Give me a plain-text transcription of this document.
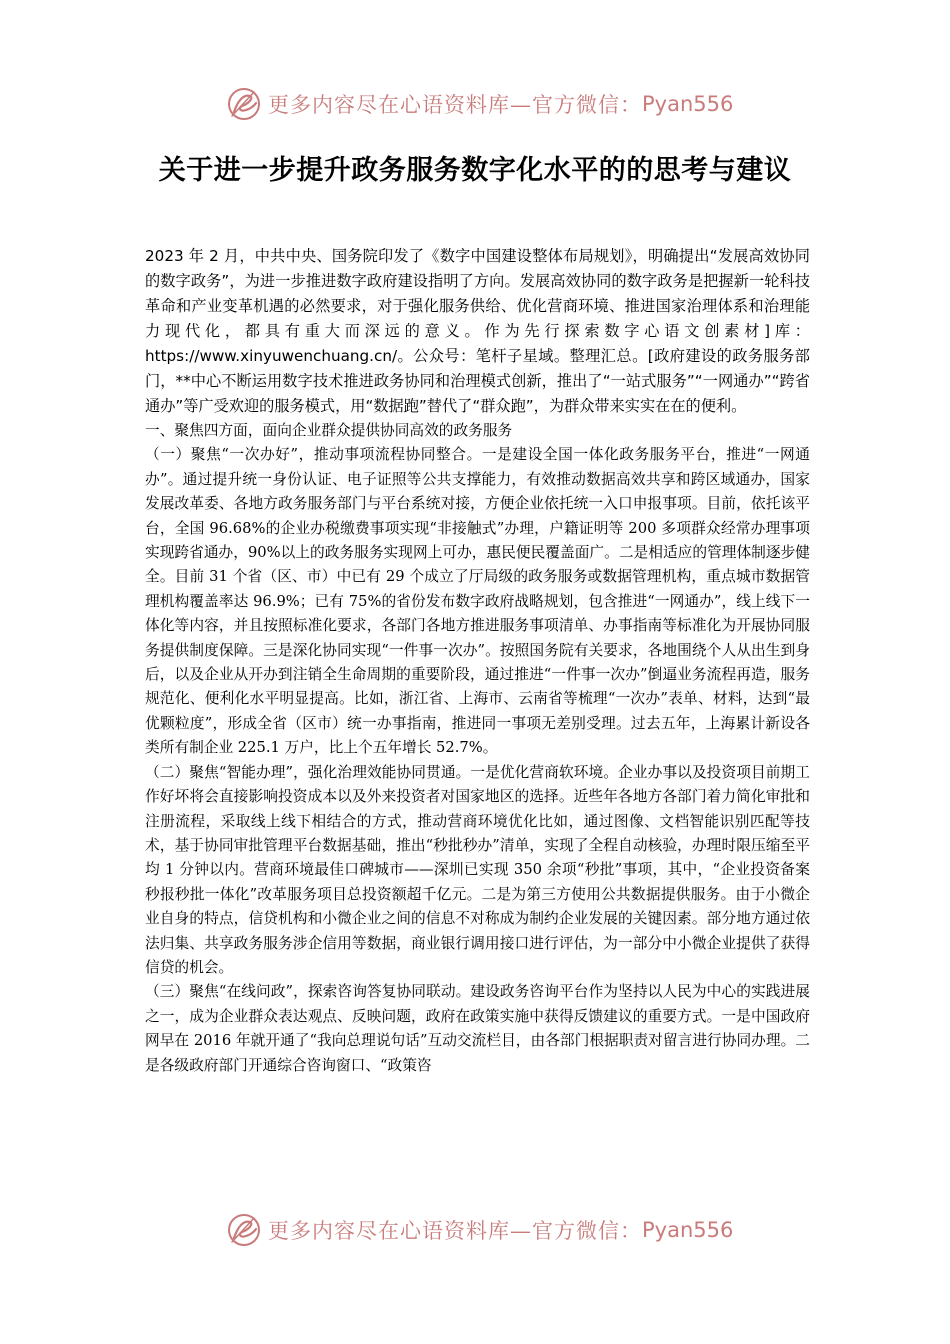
更多内容尽在心语资料库—官方微信： Pyan556
关于进一步提升政务服务数字化水平的的思考与建议

2023 年 2 月，中共中央、国务院印发了《数字中国建设整体布局规划》，明确提出“发展高效协同的数字政务”，为进一步推进数字政府建设指明了方向。发展高效协同的数字政务是把握新一轮科技革命和产业变革机遇的必然要求，对于强化服务供给、优化营商环境、推进国家治理体系和治理能力现代化，都具有重大而深远的意义。作为先行探索数字心语文创素材]库：https://www.xinyuwenchuang.cn/。公众号：笔杆子星域。整理汇总。[政府建设的政务服务部门，**中心不断运用数字技术推进政务协同和治理模式创新，推出了“一站式服务”“一网通办”“跨省通办”等广受欢迎的服务模式，用“数据跑”替代了“群众跑”，为群众带来实实在在的便利。

一、聚焦四方面，面向企业群众提供协同高效的政务服务

（一）聚焦“一次办好”，推动事项流程协同整合。一是建设全国一体化政务服务平台，推进“一网通办”。通过提升统一身份认证、电子证照等公共支撑能力，有效推动数据高效共享和跨区域通办，国家发展改革委、各地方政务服务部门与平台系统对接，方便企业依托统一入口申报事项。目前，依托该平台，全国 96.68%的企业办税缴费事项实现“非接触式”办理，户籍证明等 200 多项群众经常办理事项实现跨省通办，90%以上的政务服务实现网上可办，惠民便民覆盖面广。二是相适应的管理体制逐步健全。目前 31 个省（区、市）中已有 29 个成立了厅局级的政务服务或数据管理机构，重点城市数据管理机构覆盖率达 96.9%；已有 75%的省份发布数字政府战略规划，包含推进“一网通办”，线上线下一体化等内容，并且按照标准化要求，各部门各地方推进服务事项清单、办事指南等标准化为开展协同服务提供制度保障。三是深化协同实现“一件事一次办”。按照国务院有关要求，各地围绕个人从出生到身后，以及企业从开办到注销全生命周期的重要阶段，通过推进“一件事一次办”倒逼业务流程再造，服务规范化、便利化水平明显提高。比如，浙江省、上海市、云南省等梳理“一次办”表单、材料，达到“最优颗粒度”，形成全省（区市）统一办事指南，推进同一事项无差别受理。过去五年，上海累计新设各类所有制企业 225.1 万户，比上个五年增长 52.7%。

（二）聚焦“智能办理”，强化治理效能协同贯通。一是优化营商软环境。企业办事以及投资项目前期工作好坏将会直接影响投资成本以及外来投资者对国家地区的选择。近些年各地方各部门着力简化审批和注册流程，采取线上线下相结合的方式，推动营商环境优化比如，通过图像、文档智能识别匹配等技术，基于协同审批管理平台数据基础，推出“秒批秒办”清单，实现了全程自动核验，办理时限压缩至平均 1 分钟以内。营商环境最佳口碑城市——深圳已实现 350 余项“秒批”事项，其中，“企业投资备案秒报秒批一体化”改革服务项目总投资额超千亿元。二是为第三方使用公共数据提供服务。由于小微企业自身的特点，信贷机构和小微企业之间的信息不对称成为制约企业发展的关键因素。部分地方通过依法归集、共享政务服务涉企信用等数据，商业银行调用接口进行评估，为一部分中小微企业提供了获得信贷的机会。

（三）聚焦“在线问政”，探索咨询答复协同联动。建设政务咨询平台作为坚持以人民为中心的实践进展之一，成为企业群众表达观点、反映问题，政府在政策实施中获得反馈建议的重要方式。一是中国政府网早在 2016 年就开通了“我向总理说句话”互动交流栏目，由各部门根据职责对留言进行协同办理。二是各级政府部门开通综合咨询窗口、“政策咨

更多内容尽在心语资料库—官方微信： Pyan556
